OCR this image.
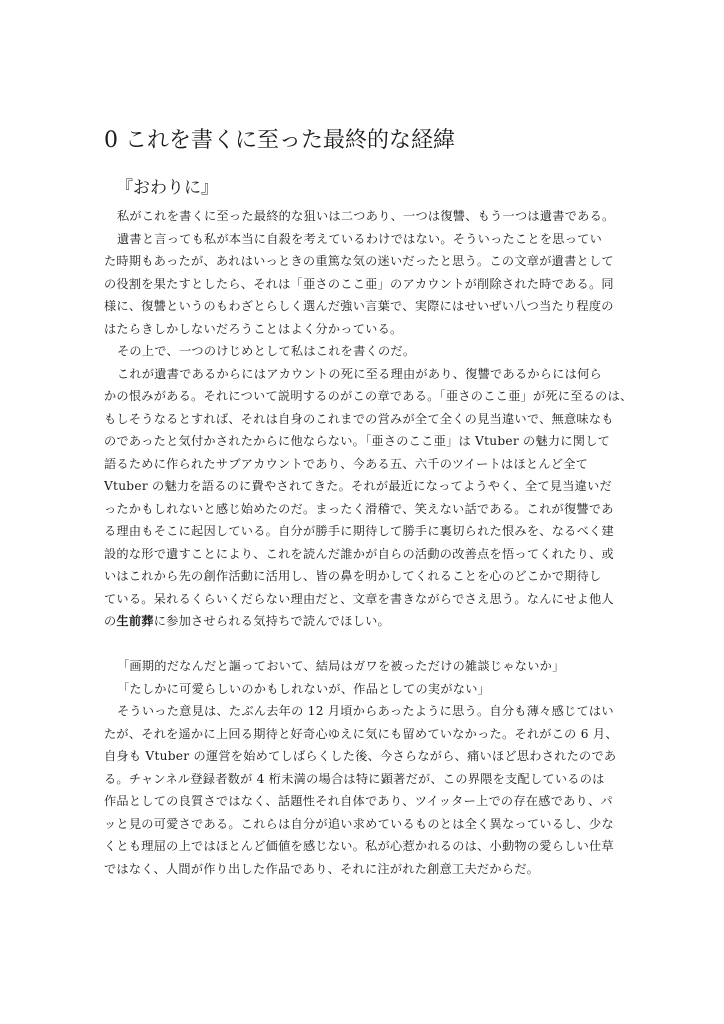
0 これを書くに至った最終的な経緯
『おわりに』
私がこれを書くに至った最終的な狙いは二つあり、一つは復讐、もう一つは遺書である。
遺書と言っても私が本当に自殺を考えているわけではない。そういったことを思ってい
た時期もあったが、あれはいっときの重篤な気の迷いだったと思う。この文章が遺書として
の役割を果たすとしたら、それは「亜さのここ亜」のアカウントが削除された時である。同
様に、復讐というのもわざとらしく選んだ強い言葉で、実際にはせいぜい八つ当たり程度の
はたらきしかしないだろうことはよく分かっている。
その上で、一つのけじめとして私はこれを書くのだ。
これが遺書であるからにはアカウントの死に至る理由があり、復讐であるからには何ら
かの恨みがある。それについて説明するのがこの章である。「亜さのここ亜」が死に至るのは、
もしそうなるとすれば、それは自身のこれまでの営みが全て全くの見当違いで、無意味なも
のであったと気付かされたからに他ならない。「亜さのここ亜」は Vtuber の魅力に関して
語るために作られたサブアカウントであり、今ある五、六千のツイートはほとんど全て
Vtuber の魅力を語るのに費やされてきた。それが最近になってようやく、全て見当違いだ
ったかもしれないと感じ始めたのだ。まったく滑稽で、笑えない話である。これが復讐であ
る理由もそこに起因している。自分が勝手に期待して勝手に裏切られた恨みを、なるべく建
設的な形で遺すことにより、これを読んだ誰かが自らの活動の改善点を悟ってくれたり、或
いはこれから先の創作活動に活用し、皆の鼻を明かしてくれることを心のどこかで期待し
ている。呆れるくらいくだらない理由だと、文章を書きながらでさえ思う。なんにせよ他人
の生前葬に参加させられる気持ちで読んでほしい。
「画期的だなんだと謳っておいて、結局はガワを被っただけの雑談じゃないか」
「たしかに可愛らしいのかもしれないが、作品としての実がない」
そういった意見は、たぶん去年の 12 月頃からあったように思う。自分も薄々感じてはい
たが、それを遥かに上回る期待と好奇心ゆえに気にも留めていなかった。それがこの 6 月、
自身も Vtuber の運営を始めてしばらくした後、今さらながら、痛いほど思わされたのであ
る。チャンネル登録者数が 4 桁未満の場合は特に顕著だが、この界隈を支配しているのは
作品としての良質さではなく、話題性それ自体であり、ツイッター上での存在感であり、パ
ッと見の可愛さである。これらは自分が追い求めているものとは全く異なっているし、少な
くとも理屈の上ではほとんど価値を感じない。私が心惹かれるのは、小動物の愛らしい仕草
ではなく、人間が作り出した作品であり、それに注がれた創意工夫だからだ。
